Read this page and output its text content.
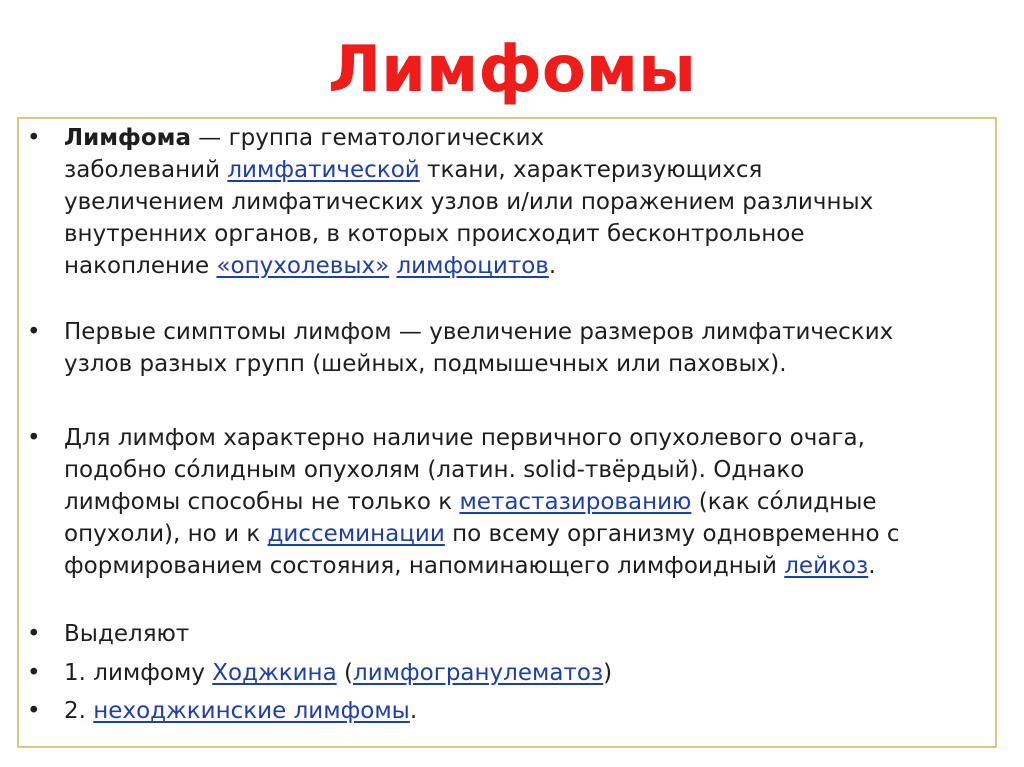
Лимфомы
• Лимфома — группа гематологических
заболеваний лимфатической ткани, характеризующихся
увеличением лимфатических узлов и/или поражением различных
внутренних органов, в которых происходит бесконтрольное
накопление «опухолевых» лимфоцитов.
• Первые симптомы лимфом — увеличение размеров лимфатических
узлов разных групп (шейных, подмышечных или паховых).
• Для лимфом характерно наличие первичного опухолевого очага,
подобно со́лидным опухолям (латин. solid-твёрдый). Однако
лимфомы способны не только к метастазированию (как со́лидные
опухоли), но и к диссеминации по всему организму одновременно с
формированием состояния, напоминающего лимфоидный лейкоз.
• Выделяют
• 1. лимфому Ходжкина (лимфогранулематоз)
• 2. неходжкинские лимфомы.
